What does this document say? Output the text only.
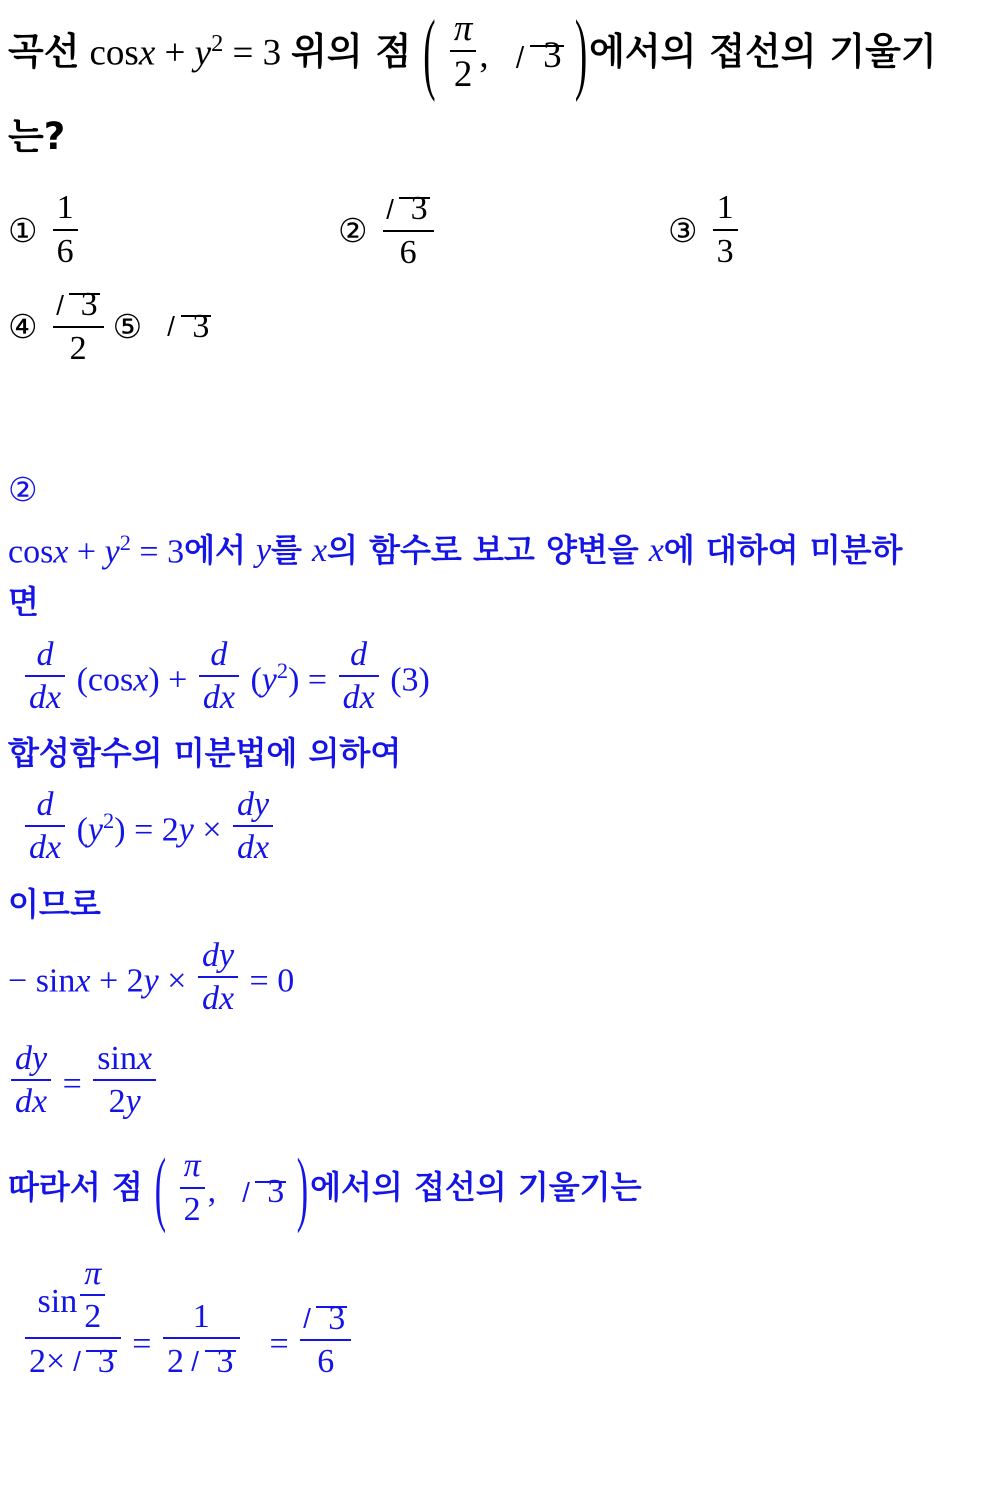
곡선 $\cos x + y^2 = 3$ 위의 점 ( $\frac{\pi}{2}$ , 3 ) 에서의 접선의 기울기
는?
① $\frac{1}{6}$	② $\frac{3}{6}$	③ $\frac{1}{3}$
④ $\frac{3}{2}$ ⑤	3
②
$\cos x + y^2 = 3$ 에서 y 를 x 의 함수로 보고 양변을 x 에 대하여 미분하
면
$\frac{d}{dx} (\cos x) + \frac{d}{dx} (y^2) = \frac{d}{dx} (3)$
합성함수의 미분법에 의하여
$\frac{d}{dx} (y^2) = 2y \times \frac{dy}{dx}$
이므로
− $\sin x + 2y \times \frac{dy}{dx} = 0$
$\frac{dy}{dx} = \frac{\sin x}{2y}$
따라서 점 ( $\frac{\pi}{2}$ , 3 ) 에서의 접선의 기울기는
$\frac{\sin \frac{\pi}{2}}{2\times 3} = \frac{1}{2 3} = \frac{3}{6}$
